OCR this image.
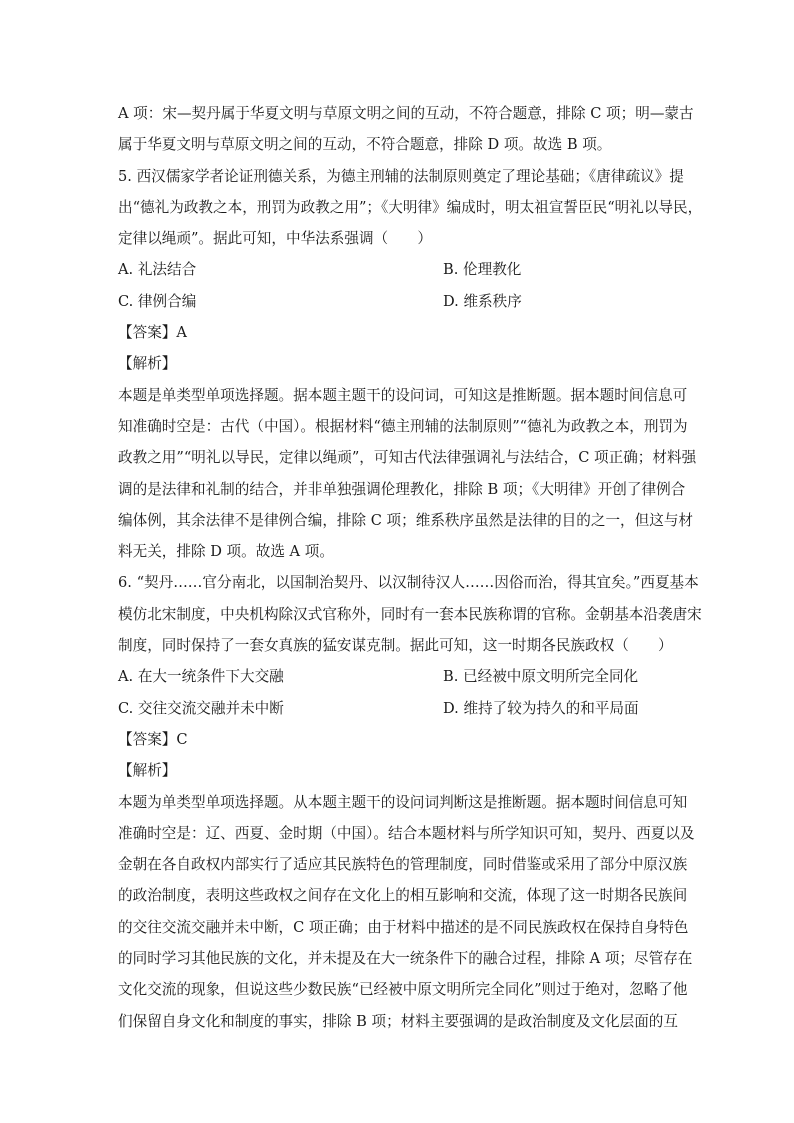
A 项：宋—契丹属于华夏文明与草原文明之间的互动，不符合题意，排除 C 项；明—蒙古
属于华夏文明与草原文明之间的互动，不符合题意，排除 D 项。故选 B 项。
5. 西汉儒家学者论证刑德关系，为德主刑辅的法制原则奠定了理论基础；《唐律疏议》提
出“德礼为政教之本，刑罚为政教之用”；《大明律》编成时，明太祖宣誓臣民“明礼以导民，
定律以绳顽”。据此可知，中华法系强调（　　）
A. 礼法结合	B. 伦理教化
C. 律例合编	D. 维系秩序
【答案】A
【解析】
本题是单类型单项选择题。据本题主题干的设问词，可知这是推断题。据本题时间信息可
知准确时空是：古代（中国）。根据材料“德主刑辅的法制原则”“德礼为政教之本，刑罚为
政教之用”“明礼以导民，定律以绳顽”，可知古代法律强调礼与法结合，C 项正确；材料强
调的是法律和礼制的结合，并非单独强调伦理教化，排除 B 项；《大明律》开创了律例合
编体例，其余法律不是律例合编，排除 C 项；维系秩序虽然是法律的目的之一，但这与材
料无关，排除 D 项。故选 A 项。
6. “契丹……官分南北，以国制治契丹、以汉制待汉人……因俗而治，得其宜矣。”西夏基本
模仿北宋制度，中央机构除汉式官称外，同时有一套本民族称谓的官称。金朝基本沿袭唐宋
制度，同时保持了一套女真族的猛安谋克制。据此可知，这一时期各民族政权（　　）
A. 在大一统条件下大交融	B. 已经被中原文明所完全同化
C. 交往交流交融并未中断	D. 维持了较为持久的和平局面
【答案】C
【解析】
本题为单类型单项选择题。从本题主题干的设问词判断这是推断题。据本题时间信息可知
准确时空是：辽、西夏、金时期（中国）。结合本题材料与所学知识可知，契丹、西夏以及
金朝在各自政权内部实行了适应其民族特色的管理制度，同时借鉴或采用了部分中原汉族
的政治制度，表明这些政权之间存在文化上的相互影响和交流，体现了这一时期各民族间
的交往交流交融并未中断，C 项正确；由于材料中描述的是不同民族政权在保持自身特色
的同时学习其他民族的文化，并未提及在大一统条件下的融合过程，排除 A 项；尽管存在
文化交流的现象，但说这些少数民族“已经被中原文明所完全同化”则过于绝对，忽略了他
们保留自身文化和制度的事实，排除 B 项；材料主要强调的是政治制度及文化层面的互
